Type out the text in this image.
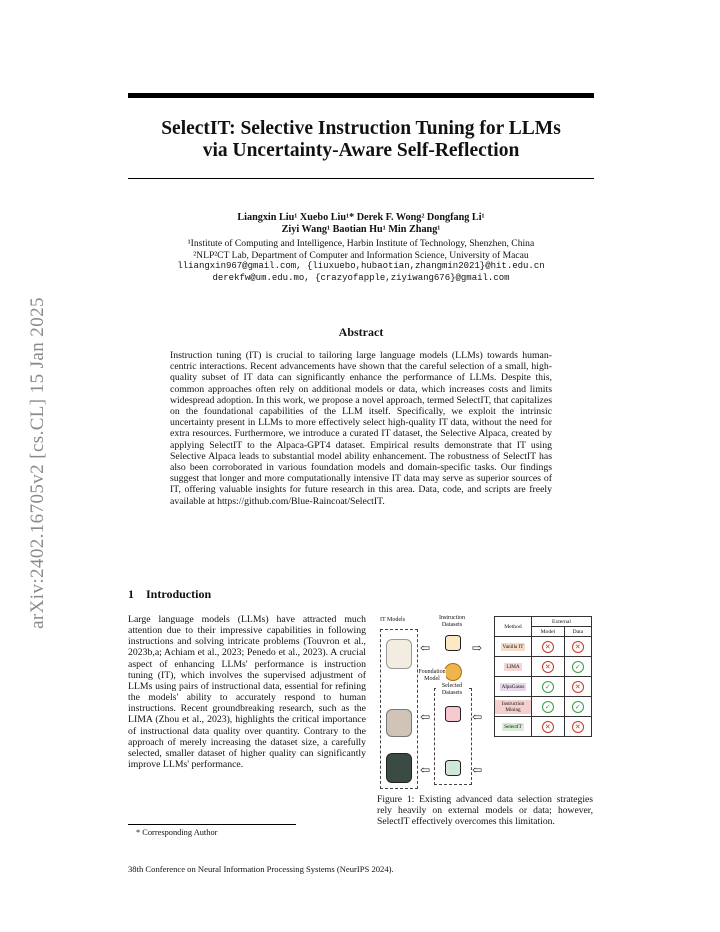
arXiv:2402.16705v2 [cs.CL] 15 Jan 2025
SelectIT: Selective Instruction Tuning for LLMs
via Uncertainty-Aware Self-Reflection
Liangxin Liu¹ Xuebo Liu¹* Derek F. Wong² Dongfang Li¹
Ziyi Wang¹ Baotian Hu¹ Min Zhang¹
¹Institute of Computing and Intelligence, Harbin Institute of Technology, Shenzhen, China
²NLP²CT Lab, Department of Computer and Information Science, University of Macau
lliangxin967@gmail.com, {liuxuebo,hubaotian,zhangmin2021}@hit.edu.cn
derekfw@um.edu.mo, {crazyofapple,ziyiwang676}@gmail.com
Abstract
Instruction tuning (IT) is crucial to tailoring large language models (LLMs) towards human-centric interactions. Recent advancements have shown that the careful selection of a small, high-quality subset of IT data can significantly enhance the performance of LLMs. Despite this, common approaches often rely on additional models or data, which increases costs and limits widespread adoption. In this work, we propose a novel approach, termed SelectIT, that capitalizes on the foundational capabilities of the LLM itself. Specifically, we exploit the intrinsic uncertainty present in LLMs to more effectively select high-quality IT data, without the need for extra resources. Furthermore, we introduce a curated IT dataset, the Selective Alpaca, created by applying SelectIT to the Alpaca-GPT4 dataset. Empirical results demonstrate that IT using Selective Alpaca leads to substantial model ability enhancement. The robustness of SelectIT has also been corroborated in various foundation models and domain-specific tasks. Our findings suggest that longer and more computationally intensive IT data may serve as superior sources of IT, offering valuable insights for future research in this area. Data, code, and scripts are freely available at https://github.com/Blue-Raincoat/SelectIT.
1 Introduction
Large language models (LLMs) have attracted much attention due to their impressive capabilities in following instructions and solving intricate problems (Touvron et al., 2023b,a; Achiam et al., 2023; Penedo et al., 2023). A crucial aspect of enhancing LLMs' performance is instruction tuning (IT), which involves the supervised adjustment of LLMs using pairs of instructional data, essential for refining the models' ability to accurately respond to human instructions. Recent groundbreaking research, such as the LIMA (Zhou et al., 2023), highlights the critical importance of instructional data quality over quantity. Contrary to the approach of merely increasing the dataset size, a carefully selected, smaller dataset of higher quality can significantly improve LLMs' performance.
IT Models	Instruction Datasets
Foundation Model
Selected Datasets
⇦	⇨
⇦	⇦
⇦	⇦
Method	External	
	Model	Data
Vanilla IT	✕	✕
LIMA	✕	✓
AlpaGasus	✓	✕
Instruction Mining	✓	✓
SelectIT	✕	✕
Figure 1: Existing advanced data selection strategies rely heavily on external models or data; however, SelectIT effectively overcomes this limitation.
* Corresponding Author
38th Conference on Neural Information Processing Systems (NeurIPS 2024).
